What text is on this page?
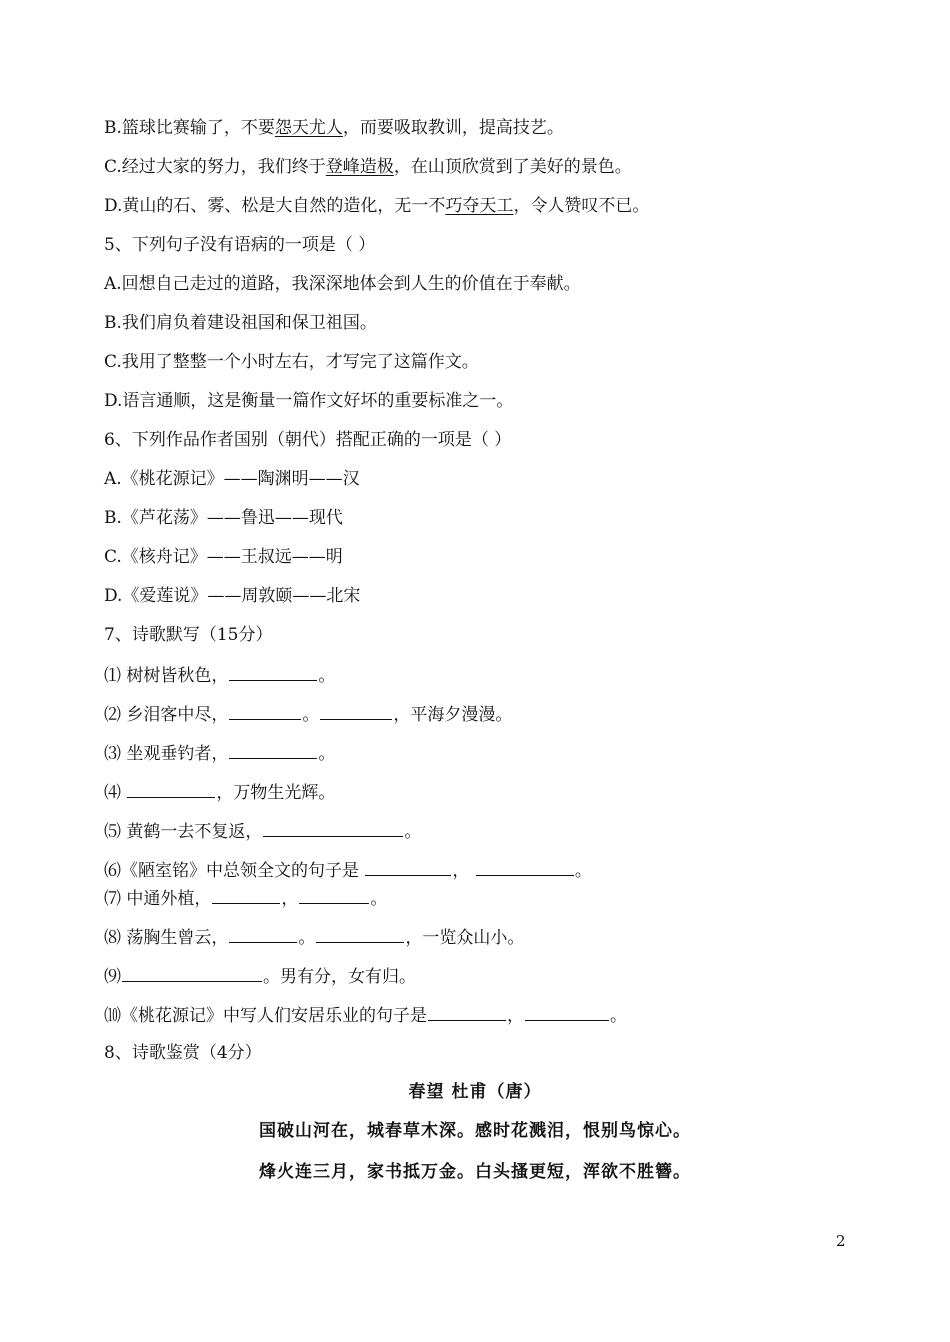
B.篮球比赛输了，不要怨天尤人，而要吸取教训，提高技艺。
C.经过大家的努力，我们终于登峰造极，在山顶欣赏到了美好的景色。
D.黄山的石、雾、松是大自然的造化，无一不巧夺天工，令人赞叹不已。
5、下列句子没有语病的一项是（ ）
A.回想自己走过的道路，我深深地体会到人生的价值在于奉献。
B.我们肩负着建设祖国和保卫祖国。
C.我用了整整一个小时左右，才写完了这篇作文。
D.语言通顺，这是衡量一篇作文好坏的重要标准之一。
6、下列作品作者国别（朝代）搭配正确的一项是（ ）
A.《桃花源记》——陶渊明——汉
B.《芦花荡》——鲁迅——现代
C.《核舟记》——王叔远——明
D.《爱莲说》——周敦颐——北宋
7、诗歌默写（15分）
⑴ 树树皆秋色，	。
⑵ 乡泪客中尽，	。	，平海夕漫漫。
⑶ 坐观垂钓者，	。
⑷	，万物生光辉。
⑸ 黄鹤一去不复返，	。
⑹《陋室铭》中总领全文的句子是	，	。
⑺ 中通外植，	，	。
⑻ 荡胸生曾云，	。	，一览众山小。
⑼	。男有分，女有归。
⑽《桃花源记》中写人们安居乐业的句子是	，	。
8、诗歌鉴赏（4分）
春望 杜甫（唐）
国破山河在，城春草木深。感时花溅泪，恨别鸟惊心。
烽火连三月，家书抵万金。白头搔更短，浑欲不胜簪。
2
